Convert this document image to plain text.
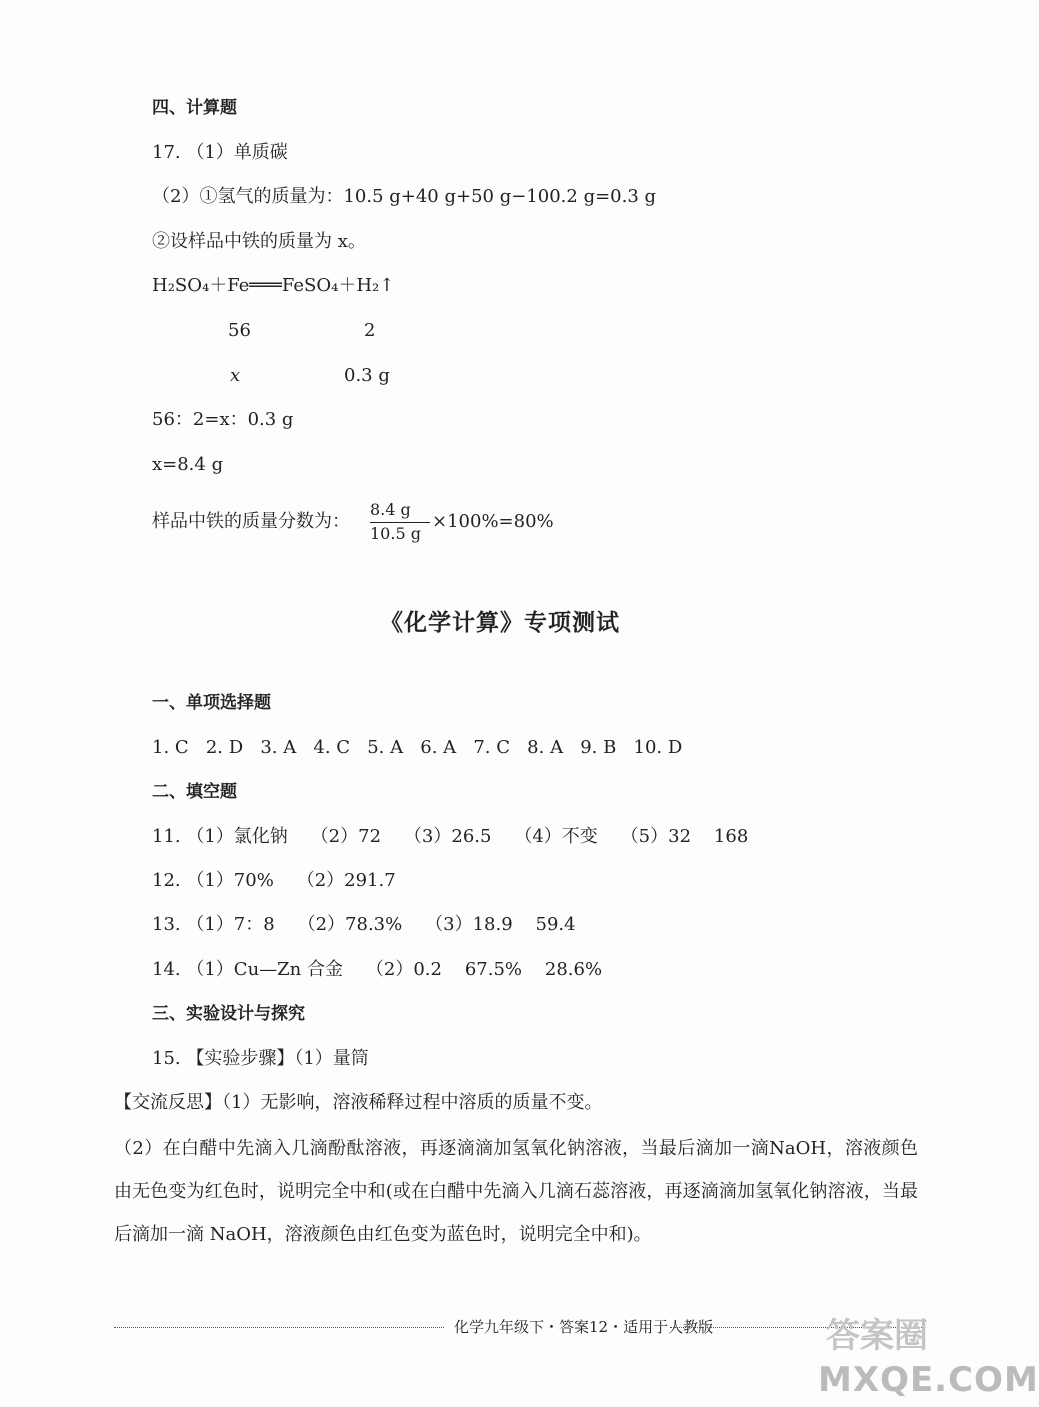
四、计算题
17. （1）单质碳
（2）①氢气的质量为：10.5 g+40 g+50 g−100.2 g=0.3 g
②设样品中铁的质量为 x。
H₂SO₄＋Fe═══FeSO₄＋H₂↑
56	2
x	0.3 g
56：2=x：0.3 g
x=8.4 g
样品中铁的质量分数为：
8.4 g
10.5 g
×100%=80%
《化学计算》专项测试
一、单项选择题
1. C   2. D   3. A   4. C   5. A   6. A   7. C   8. A   9. B   10. D
二、填空题
11. （1）氯化钠    （2）72    （3）26.5    （4）不变    （5）32    168
12. （1）70%    （2）291.7
13. （1）7：8    （2）78.3%    （3）18.9    59.4
14. （1）Cu—Zn 合金    （2）0.2    67.5%    28.6%
三、实验设计与探究
15. 【实验步骤】（1）量筒
【交流反思】（1）无影响，溶液稀释过程中溶质的质量不变。
（2）在白醋中先滴入几滴酚酞溶液，再逐滴滴加氢氧化钠溶液，当最后滴加一滴NaOH，溶液颜色由无色变为红色时，说明完全中和(或在白醋中先滴入几滴石蕊溶液，再逐滴滴加氢氧化钠溶液，当最后滴加一滴 NaOH，溶液颜色由红色变为蓝色时，说明完全中和)。
化学九年级下・答案12・适用于人教版	答案圈
MXQE.COM
